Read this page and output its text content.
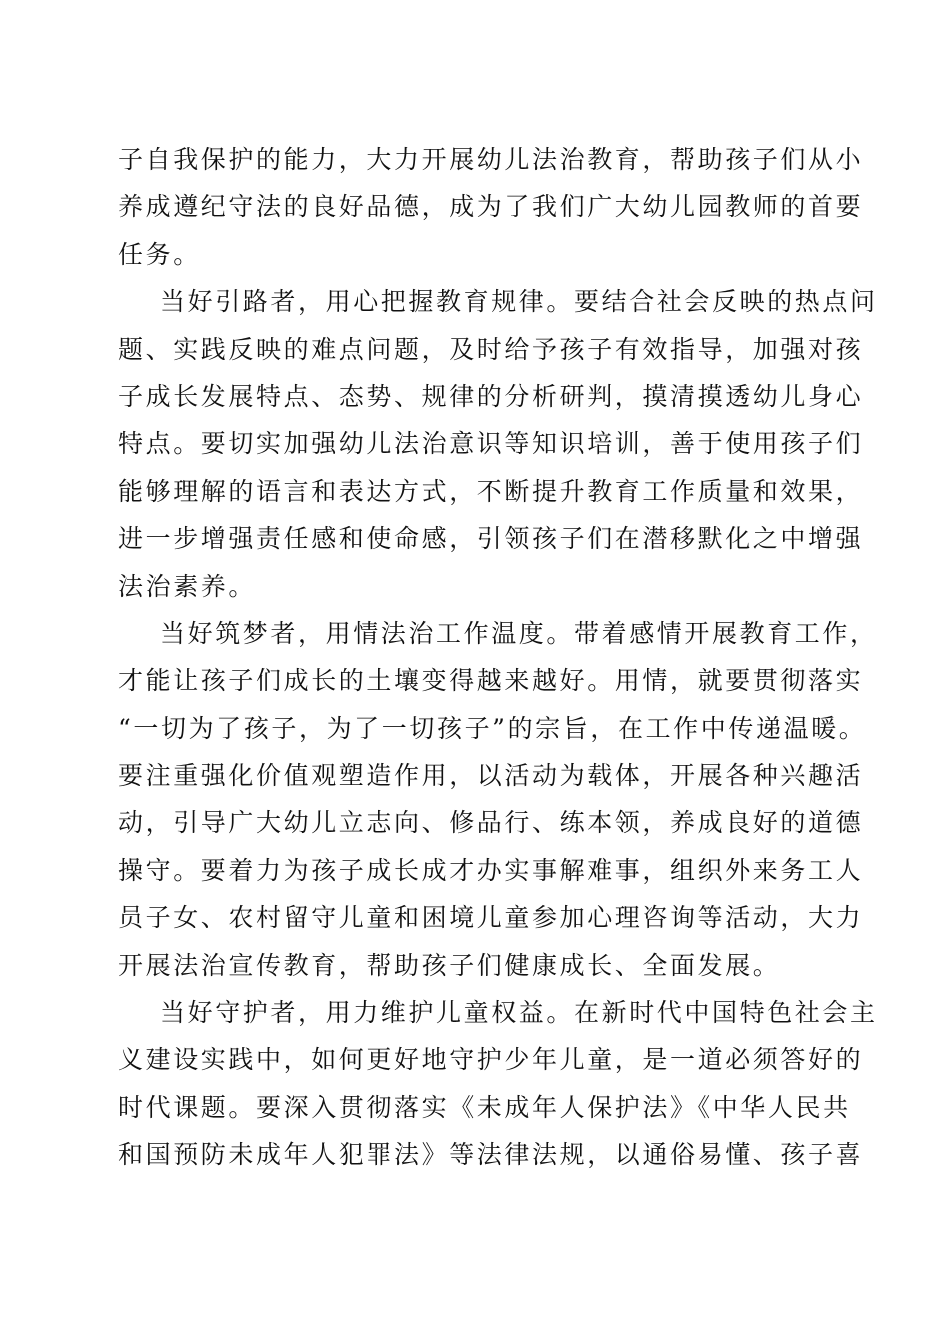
子自我保护的能力，大力开展幼儿法治教育，帮助孩子们从小
养成遵纪守法的良好品德，成为了我们广大幼儿园教师的首要
任务。
当好引路者，用心把握教育规律。要结合社会反映的热点问
题、实践反映的难点问题，及时给予孩子有效指导，加强对孩
子成长发展特点、态势、规律的分析研判，摸清摸透幼儿身心
特点。要切实加强幼儿法治意识等知识培训，善于使用孩子们
能够理解的语言和表达方式，不断提升教育工作质量和效果，
进一步增强责任感和使命感，引领孩子们在潜移默化之中增强
法治素养。
当好筑梦者，用情法治工作温度。带着感情开展教育工作，
才能让孩子们成长的土壤变得越来越好。用情，就要贯彻落实
“一切为了孩子，为了一切孩子”的宗旨，在工作中传递温暖。
要注重强化价值观塑造作用，以活动为载体，开展各种兴趣活
动，引导广大幼儿立志向、修品行、练本领，养成良好的道德
操守。要着力为孩子成长成才办实事解难事，组织外来务工人
员子女、农村留守儿童和困境儿童参加心理咨询等活动，大力
开展法治宣传教育，帮助孩子们健康成长、全面发展。
当好守护者，用力维护儿童权益。在新时代中国特色社会主
义建设实践中，如何更好地守护少年儿童，是一道必须答好的
时代课题。要深入贯彻落实《未成年人保护法》《中华人民共
和国预防未成年人犯罪法》等法律法规，以通俗易懂、孩子喜
